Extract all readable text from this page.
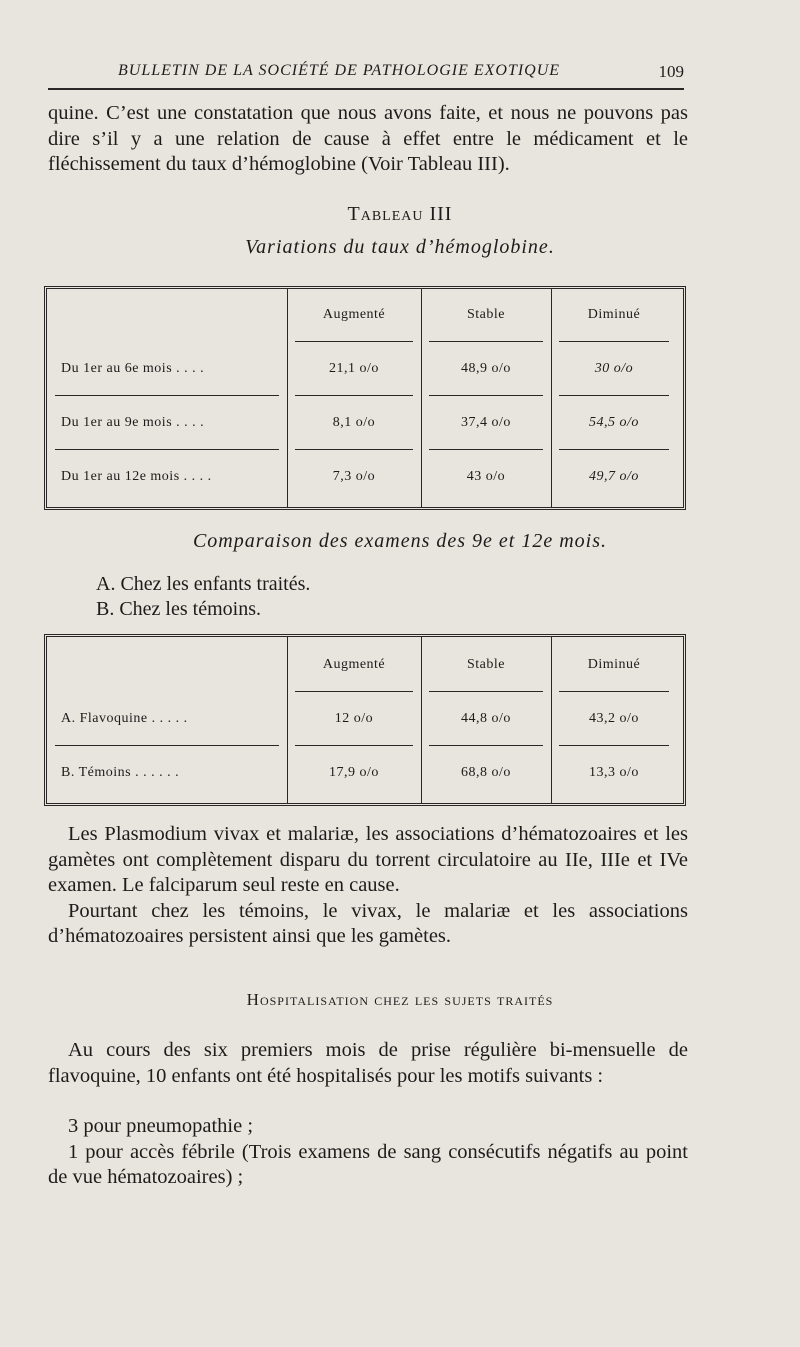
BULLETIN DE LA SOCIÉTÉ DE PATHOLOGIE EXOTIQUE	109

quine. C’est une constatation que nous avons faite, et nous ne pouvons pas dire s’il y a une relation de cause à effet entre le médicament et le fléchissement du taux d’hémoglobine (Voir Tableau III).

Tableau III
Variations du taux d’hémoglobine.
Augmenté	Stable	Diminué
Du 1er au 6e mois . . . .	21,1 o/o	48,9 o/o	30 o/o
Du 1er au 9e mois . . . .	8,1 o/o	37,4 o/o	54,5 o/o
Du 1er au 12e mois . . . .	7,3 o/o	43 o/o	49,7 o/o
Comparaison des examens des 9e et 12e mois.
A. Chez les enfants traités.
B. Chez les témoins.
Augmenté	Stable	Diminué
A. Flavoquine . . . . .	12 o/o	44,8 o/o	43,2 o/o
B. Témoins . . . . . .	17,9 o/o	68,8 o/o	13,3 o/o

Les Plasmodium vivax et malariæ, les associations d’hématozoaires et les gamètes ont complètement disparu du torrent circulatoire au IIe, IIIe et IVe examen. Le falciparum seul reste en cause.

Pourtant chez les témoins, le vivax, le malariæ et les associations d’hématozoaires persistent ainsi que les gamètes.

Hospitalisation chez les sujets traités

Au cours des six premiers mois de prise régulière bi-mensuelle de flavoquine, 10 enfants ont été hospitalisés pour les motifs suivants :

3 pour pneumopathie ;

1 pour accès fébrile (Trois examens de sang consécutifs négatifs au point de vue hématozoaires) ;
